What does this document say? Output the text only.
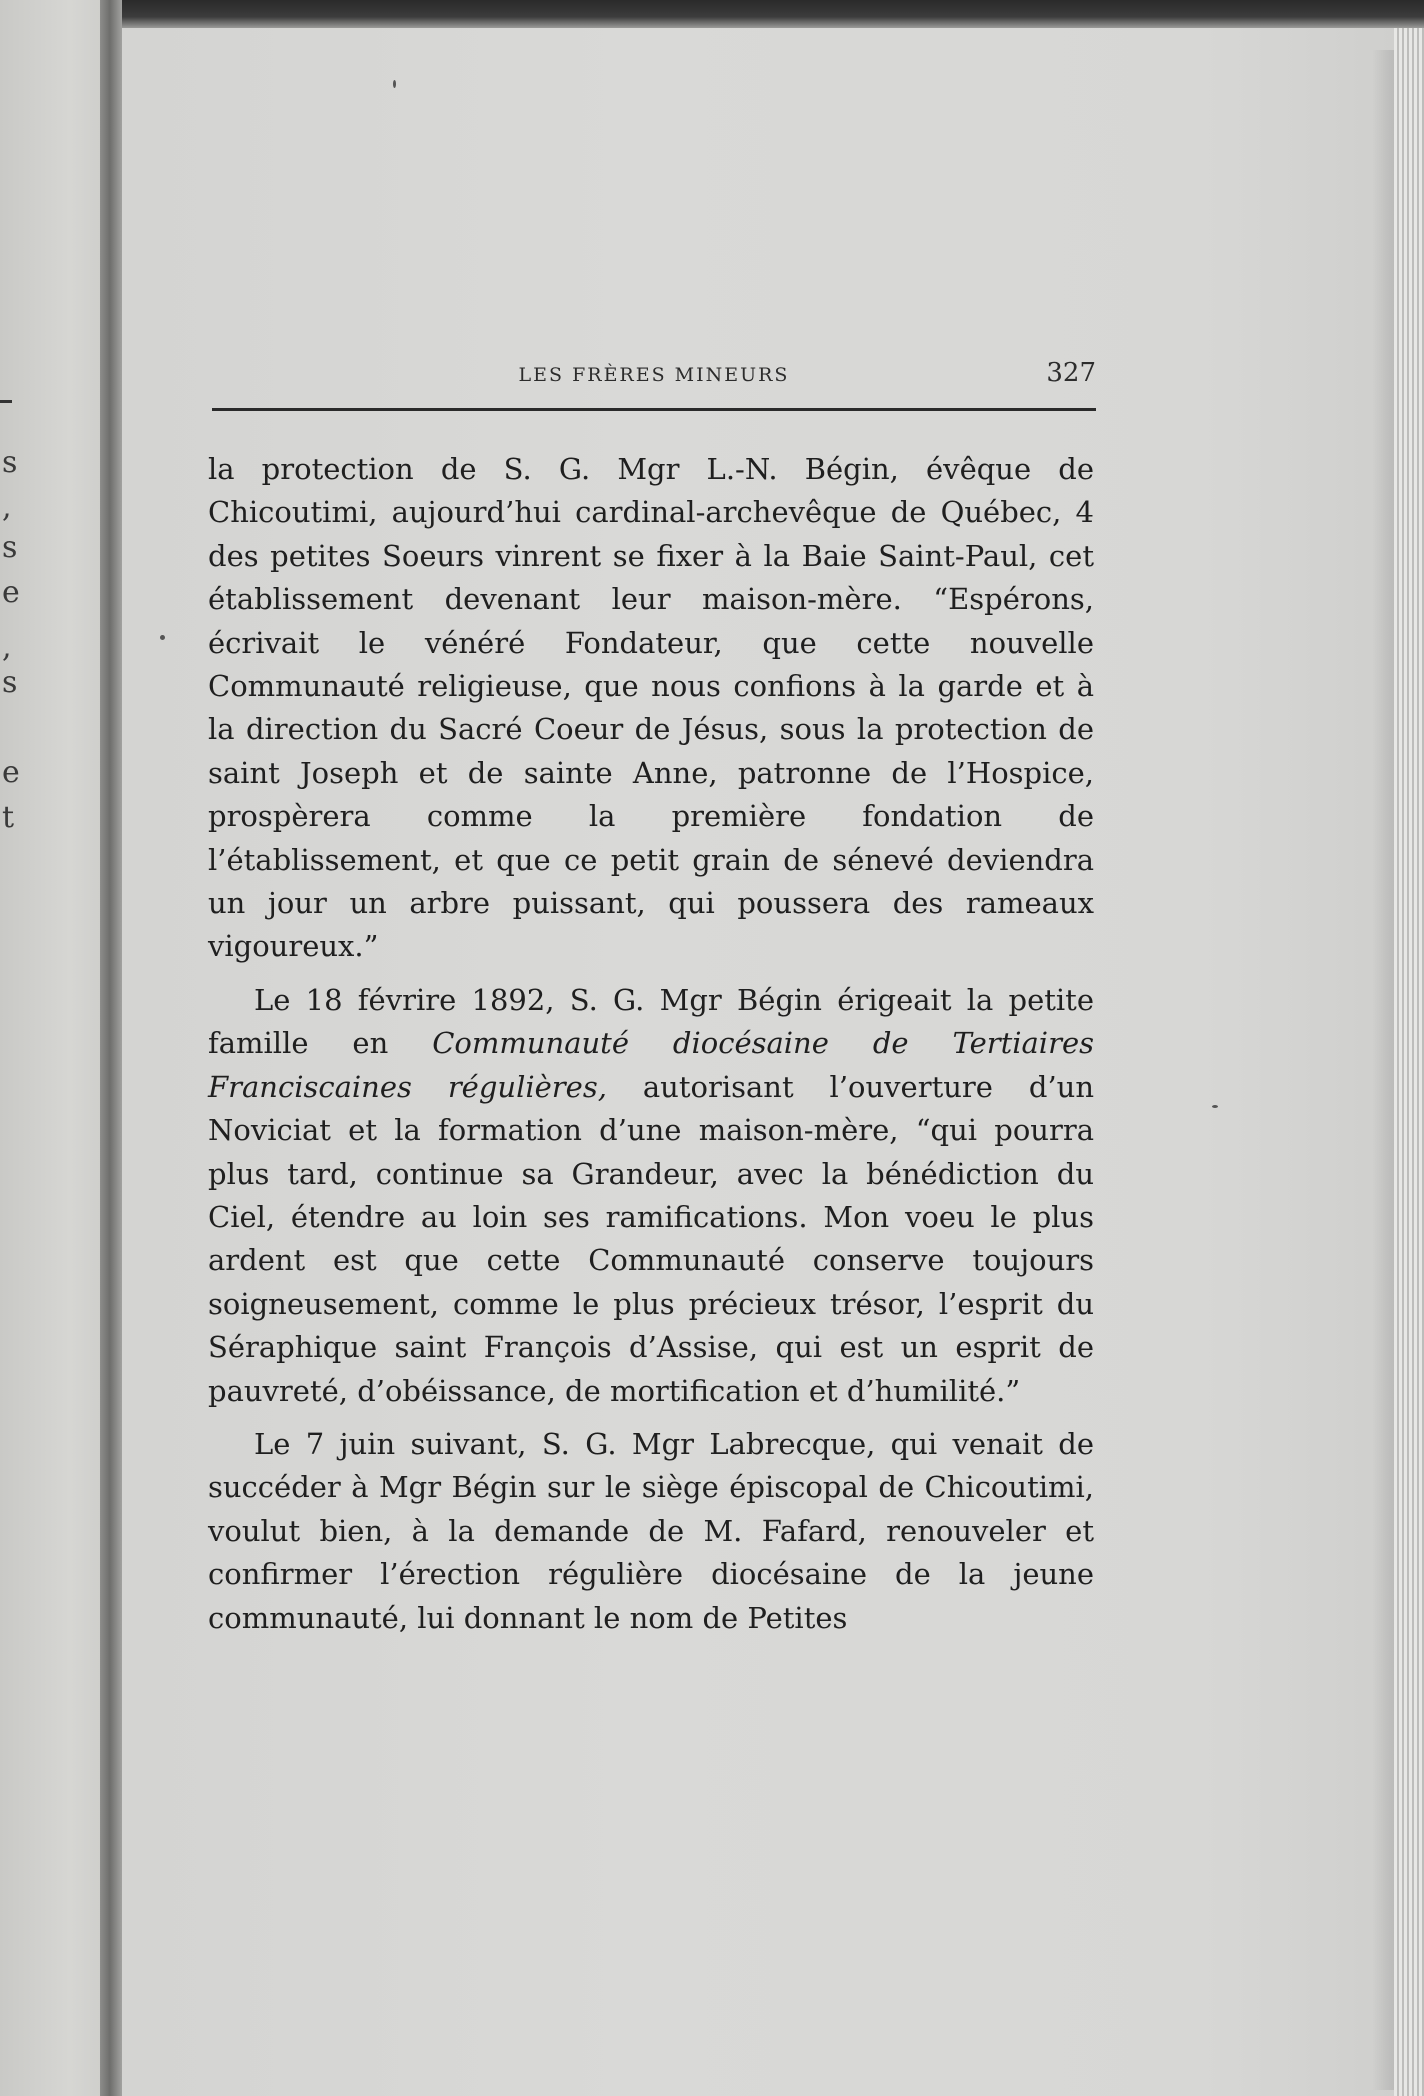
s
,
s
e
,
s
e
t
LES FRÈRES MINEURS	327

la protection de S. G. Mgr L.-N. Bégin, évêque de Chicoutimi, aujourd’hui cardinal-archevêque de Québec, 4 des petites Soeurs vinrent se fixer à la Baie Saint-Paul, cet établissement devenant leur maison-mère. “Espérons, écrivait le vénéré Fondateur, que cette nouvelle Communauté religieuse, que nous confions à la garde et à la direction du Sacré Coeur de Jésus, sous la protection de saint Joseph et de sainte Anne, patronne de l’Hospice, prospèrera comme la première fondation de l’établissement, et que ce petit grain de sénevé deviendra un jour un arbre puissant, qui poussera des rameaux vigoureux.”

Le 18 févrire 1892, S. G. Mgr Bégin érigeait la petite famille en Communauté diocésaine de Tertiaires Franciscaines régulières, autorisant l’ouverture d’un Noviciat et la formation d’une maison-mère, “qui pourra plus tard, continue sa Grandeur, avec la bénédiction du Ciel, étendre au loin ses ramifications. Mon voeu le plus ardent est que cette Communauté conserve toujours soigneusement, comme le plus précieux trésor, l’esprit du Séraphique saint François d’Assise, qui est un esprit de pauvreté, d’obéissance, de mortification et d’humilité.”

Le 7 juin suivant, S. G. Mgr Labrecque, qui venait de succéder à Mgr Bégin sur le siège épiscopal de Chicoutimi, voulut bien, à la demande de M. Fafard, renouveler et confirmer l’érection régulière diocésaine de la jeune communauté, lui donnant le nom de Petites
